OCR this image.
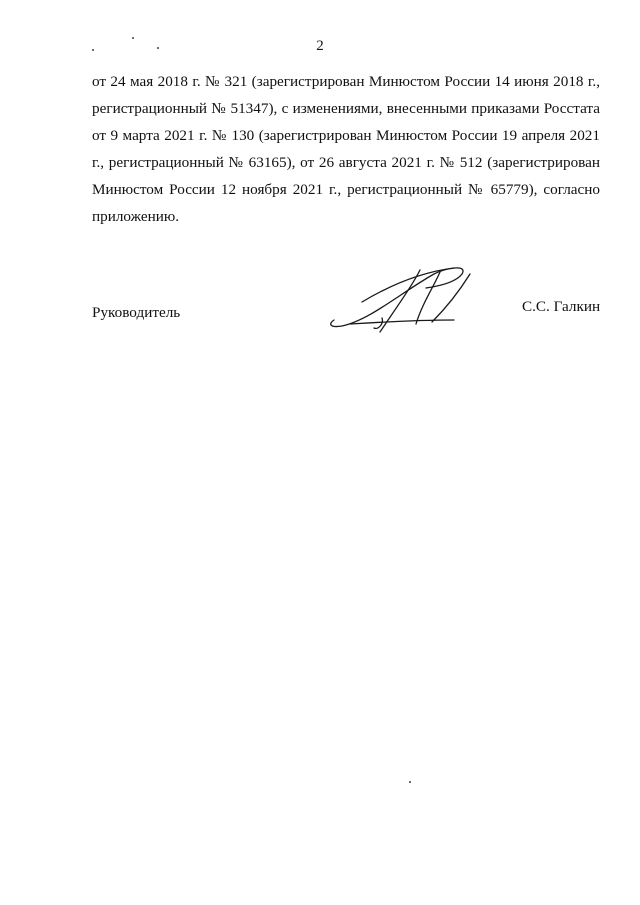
2

от 24 мая 2018 г. № 321 (зарегистрирован Минюстом России 14 июня 2018 г., регистрационный № 51347), с изменениями, внесенными приказами Росстата от 9 марта 2021 г. № 130 (зарегистрирован Минюстом России 19 апреля 2021 г., регистрационный № 63165), от 26 августа 2021 г. № 512 (зарегистрирован Минюстом России 12 ноября 2021 г., регистрационный № 65779), согласно приложению.

Руководитель	С.С. Галкин
